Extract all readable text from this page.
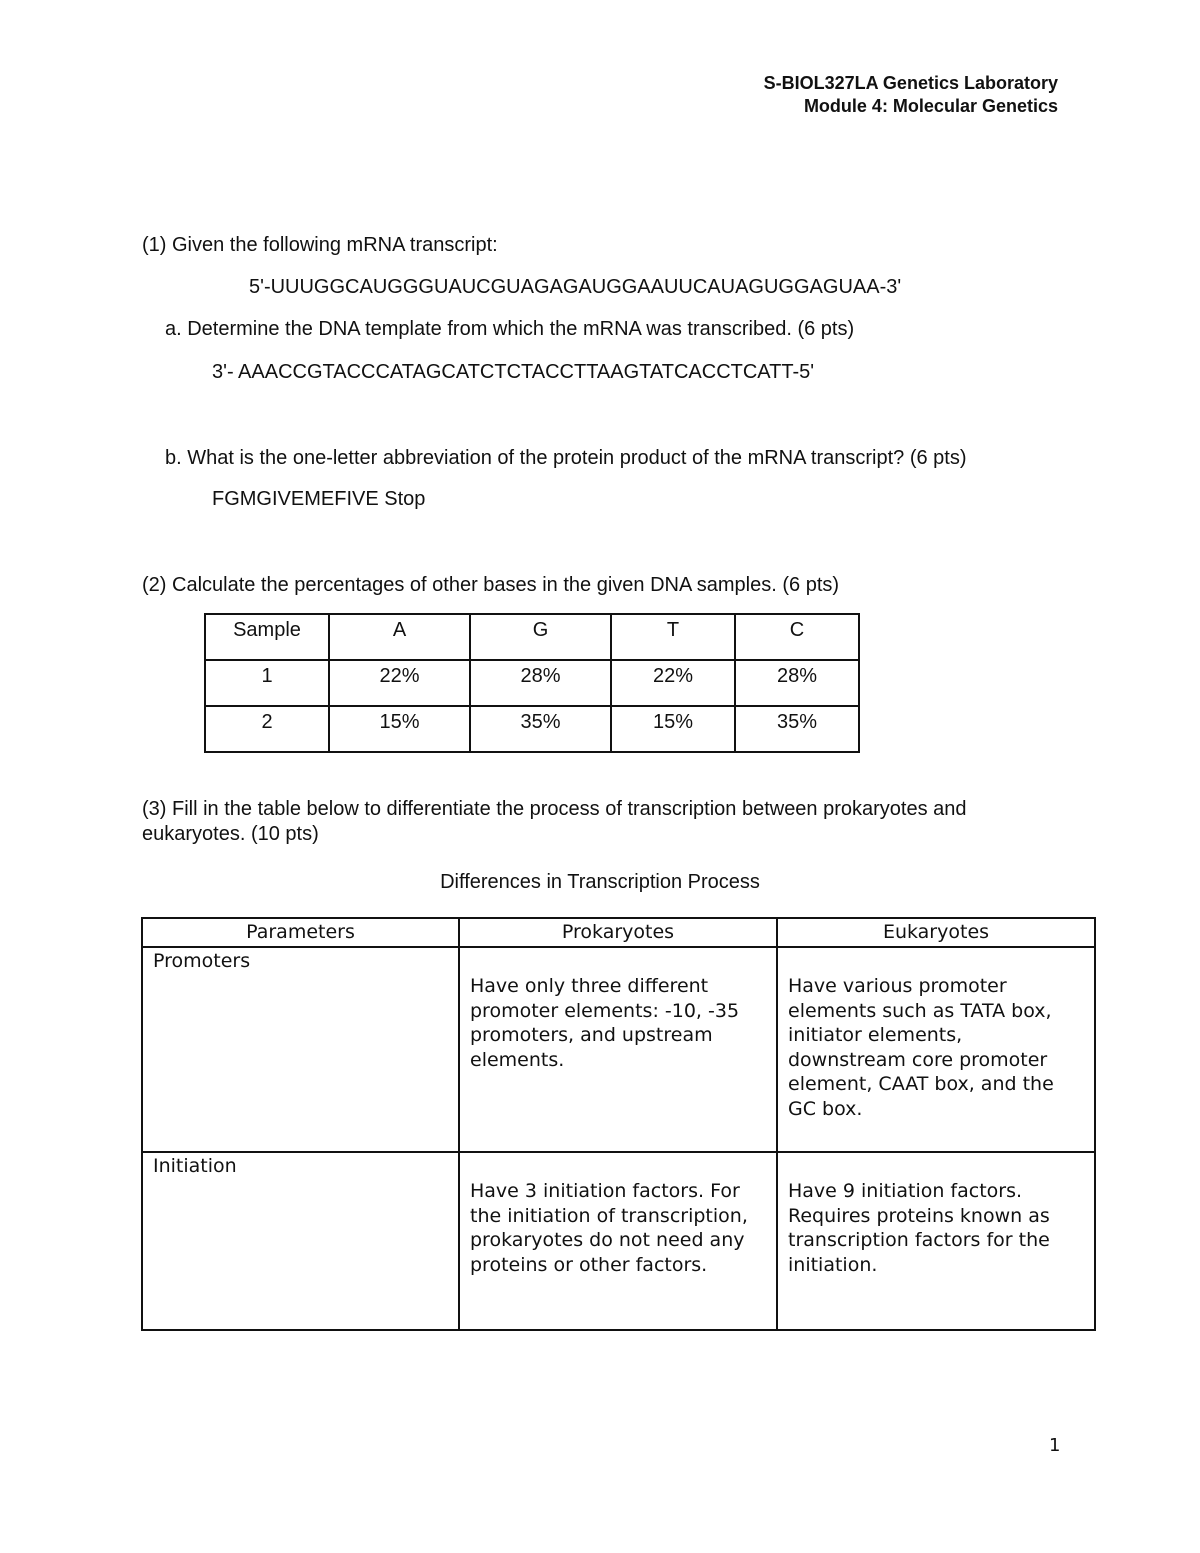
S-BIOL327LA Genetics Laboratory
Module 4: Molecular Genetics
(1) Given the following mRNA transcript:
5'-UUUGGCAUGGGUAUCGUAGAGAUGGAAUUCAUAGUGGAGUAA-3'
a. Determine the DNA template from which the mRNA was transcribed. (6 pts)
3'- AAACCGTACCCATAGCATCTCTACCTTAAGTATCACCTCATT-5'
b. What is the one-letter abbreviation of the protein product of the mRNA transcript? (6 pts)
FGMGIVEMEFIVE Stop
(2) Calculate the percentages of other bases in the given DNA samples. (6 pts)
Sample	A	G	T	C
1	22%	28%	22%	28%
2	15%	35%	15%	35%
(3) Fill in the table below to differentiate the process of transcription between prokaryotes and eukaryotes. (10 pts)
Differences in Transcription Process
Parameters	Prokaryotes	Eukaryotes

Promoters	Have only three different promoter elements: -10, -35 promoters, and upstream elements.	Have various promoter elements such as TATA box, initiator elements, downstream core promoter element, CAAT box, and the GC box.

Initiation	Have 3 initiation factors. For the initiation of transcription, prokaryotes do not need any proteins or other factors.	Have 9 initiation factors. Requires proteins known as transcription factors for the initiation.
1
